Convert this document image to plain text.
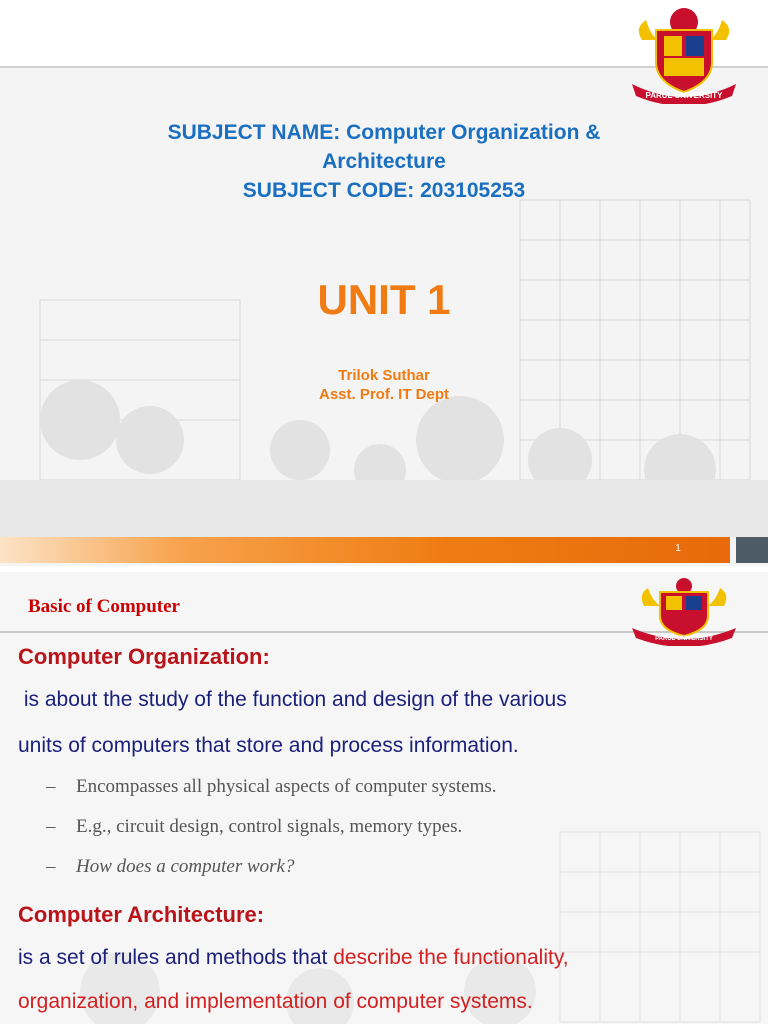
PARUL UNIVERSITY
SUBJECT NAME: Computer Organization &
Architecture
SUBJECT CODE: 203105253
UNIT 1
Trilok Suthar
Asst. Prof. IT Dept
1
Basic of Computer
PARUL UNIVERSITY
Computer Organization:
is about the study of the function and design of the various
units of computers that store and process information.
– Encompasses all physical aspects of computer systems.
– E.g., circuit design, control signals, memory types.
– How does a computer work?
Computer Architecture:
is a set of rules and methods that describe the functionality,
organization, and implementation of computer systems.
